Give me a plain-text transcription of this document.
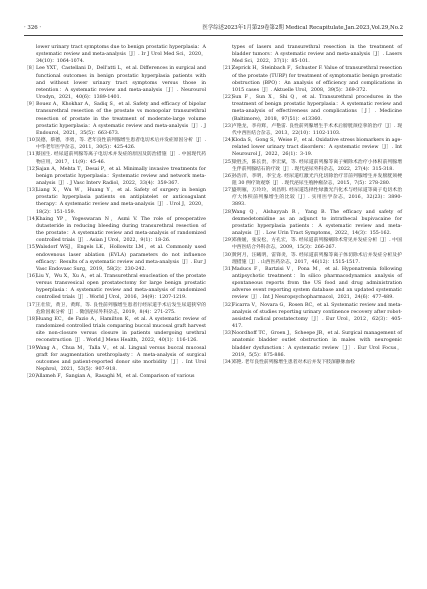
· 326 ·	医学综述2023年1月第29卷第2期 Medical Recapitulate,Jan.2023,Vol.29,No.2
lower urinary tract symptoms due to benign prostatic hyperplasia：A systematic review and meta-analysis［J］. Ir J Urol Med Sci，2020，34(10)：1064-1074.
［8］ Lee YXT，Castellani D，Dell'atti L，et al. Differences in surgical and functional outcomes in benign prostatic hyperplasia patients with and without lower urinary tract symptoms versus those in retention：A systematic review and meta-analysis［J］. Neurourol Urodyn，2021，40(6)：1389-1401.
［9］ Bouez A，Khokhar A，Sadiq S，et al. Safety and efficacy of bipolar transurethral resection of the prostate vs monopolar transurethral resection of prostate in the treatment of moderate-large volume prostatic hyperplasia：A systematic review and meta-analysis［J］. J Endourol，2021，35(5)：663-673.
［10］
吴德，蔡德，李勇，等. 老年良性前列腺增生患者电切术后并发症原因分析［J］. 中华老年医学杂志，2011，30(5)：425-426.
［11］
蔡国生. 经尿道前列腺等离子电切术并发症的原因及防治措施［J］. 中国现代药物应用，2017，11(9)：45-46.
［12］
Sajan A，Mehta T，Desai P，et al. Minimally invasive treatments for benign prostatic hyperplasia：Systematic review and network meta-analysis［J］. J Vasc Interv Radiol，2022，33(4)：359-367.
［13］
Liang X，Wu W，Huang Y，et al. Safety of surgery in benign prostatic hyperplasia patients on antiplatelet or anticoagulant therapy：A systematic review and meta-analysis［J］. Urol J，2020，18(2)：151-159.
［14］
Khaing YP，Yogeswaran N，Asmi V. The role of preoperative dutasteride in reducing bleeding during transurethral resection of the prostate：A systematic review and meta-analysis of randomized controlled trials［J］. Asian J Urol，2022，9(1)：18-26.
［15］
Walsdorf WSJ，Engels LK，Hollowitz LM，et al. Commonly used endovenous laser ablation (EVLA) parameters do not influence efficacy：Results of a systematic review and meta-analysis［J］. Eur J Vasc Endovasc Surg，2019，58(2)：230-242.
［16］
Liu Y，Wu X，Xu A，et al. Transurethral enucleation of the prostate versus transvesical open prostatectomy for large benign prostatic hyperplasia：A systematic review and meta-analysis of randomized controlled trials［J］. World J Urol，2016，34(9)：1207-1219.
［17］
王壮钦，黄卫，黄辉，等. 良性前列腺增生患者行经尿道手术后发生尿道狭窄的危险因素分析［J］. 微创泌尿外科杂志，2019，8(4)：271-275.
［18］
Huang EC，de Fazio A，Hamilton K，et al. A systematic review of randomized controlled trials comparing buccal mucosal graft harvest site non-closure versus closure in patients undergoing urethral reconstruction［J］. World J Mens Health，2022，40(1)：116-126.
［19］
Wang A，Chua M，Talla V，et al. Lingual versus buccal mucosal graft for augmentation urethroplasty：A meta-analysis of surgical outcomes and patient-reported donor site morbidity［J］. Int Urol Nephrol，2021，53(5)：907-918.
［20］
Allameh F，Sangian A，Rasaghi M，et al. Comparison of various
types of lasers and transurethral resection in the treatment of bladder tumors：A systematic review and meta-analysis［J］. Lasers Med Sci，2022，37(1)：85-101.
［21］
Zeprick H，Steinbach F，Schuster F. Value of transurethral resection of the prostate (TURP) for treatment of symptomatic benign prostatic obstruction (BPO)：An analysis of efficiency and complications in 1015 cases［J］. Aktuelle Urol，2008，39(5)：369-372.
［22］
Sun F，Sun X，Shi Q，et al. Transurethral procedures in the treatment of benign prostatic hyperplasia：A systematic review and meta-analysis of effectiveness and complications［J］. Medicine (Baltimore)，2018，97(51)：e13360.
［23］
卢艳龙，李舟辉，卢艳雷. 良性前列腺增生手术术后膀胱颈痉挛的治疗［J］. 现代中西医结合杂志，2013，22(10)：1102-1103.
［24］
Kloda S，Gong S，Weise F，et al. Oxidative stress biomarkers in age-related lower urinary tract disorders：A systematic review［J］. Int Neurourol J，2022，26(1)：3-19.
［25］
梁胜杰，陈长贵，李宏斌，等. 经尿道前列腺等离子剜除术治疗小体积前列腺增生伴前列腺结石的疗效［J］. 现代泌尿外科杂志，2022，27(4)：315-318.
［26］
孙浩洋，李明，李宝龙. 经尿道红激光汽化切除治疗非前列腺增生并发膀胱颈梗阻 30 例疗效观察［J］. 现代泌尿生殖肿瘤杂志，2015，7(5)：278-280.
［27］
盛明雁，万玲玲，刘昌明. 经尿道选择性绿激光汽化术与经尿道等离子电切术治疗大体积前列腺增生的比较［J］. 实用医学杂志，2016，32(23)：3890-3893.
［28］
Wang Q，Alshayyah R，Yang B. The efficacy and safety of dexmedetomidine as an adjunct to intrathecal bupivacaine for prostatic hyperplasia patients：A systematic review and meta-analysis［J］. Low Urin Tract Symptoms，2022，14(3)：155-162.
［29］
邓俊媛，张安松，方孔宏，等. 经尿道前列腺剜除术常见并发症分析［J］. 中国中西医结合外科杂志，2009，15(3)：266-267.
［30］
黄阿月，汪曦明，雷锋炎，等. 经尿道前列腺等离子体切除术后并发症分析及护理措施［J］. 山西医药杂志，2017，46(12)：1515-1517.
［31］
Maducs F，Bartzisi V，Pona M，et al. Hyponatremia following antipsychotic treatment：In silico pharmacodynamics analysis of spontaneous reports from the US food and drug administration adverse event reporting system database and an updated systematic review［J］. Int J Neuropsychopharmacol，2021，24(6)：477-489.
［32］
Ficarra V，Novara G，Rosen RC，et al. Systematic review and meta-analysis of studies reporting urinary continence recovery after robot-assisted radical prostatectomy［J］. Eur Urol，2012，62(3)：405-417.
［33］
Noordhoff TC，Groen J，Scheepe JR，et al. Surgical management of anatomic bladder outlet obstruction in males with neurogenic bladder dysfunction：A systematic review［J］. Eur Urol Focus，2019，5(5)：875-886.
［34］
邓艳. 老年良性前列腺增生患者对术后并发下肢深静脉血栓
